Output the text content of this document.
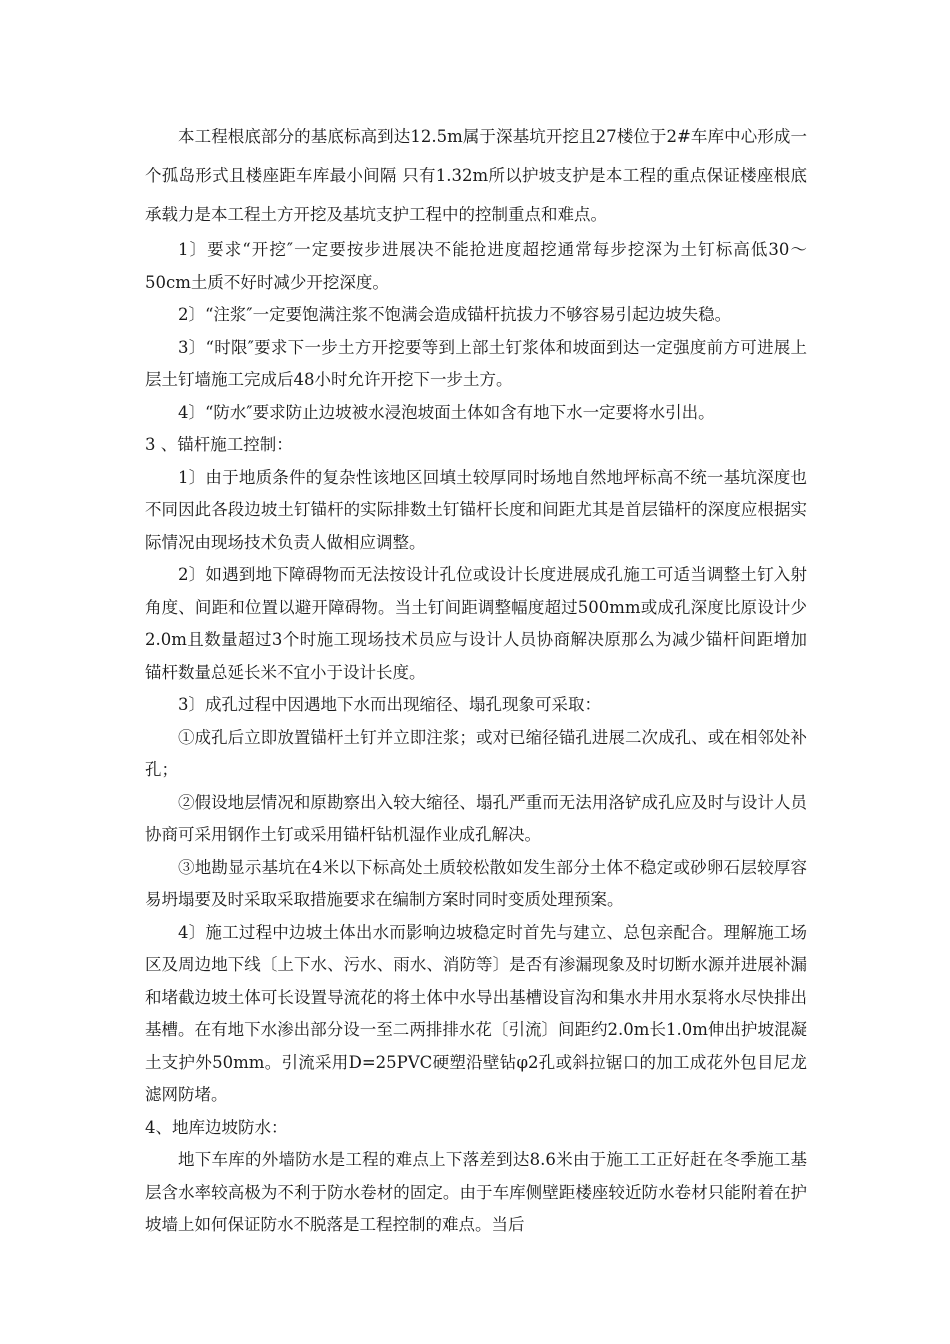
本工程根底部分的基底标高到达12.5m属于深基坑开挖且27楼位于2#车库中心形成一个孤岛形式且楼座距车库最小间隔 只有1.32m所以护坡支护是本工程的重点保证楼座根底承载力是本工程土方开挖及基坑支护工程中的控制重点和难点。

1〕要求“开挖″一定要按步进展决不能抢进度超挖通常每步挖深为土钉标高低30～50cm土质不好时减少开挖深度。

2〕“注浆″一定要饱满注浆不饱满会造成锚杆抗拔力不够容易引起边坡失稳。

3〕“时限″要求下一步土方开挖要等到上部土钉浆体和坡面到达一定强度前方可进展上层土钉墙施工完成后48小时允许开挖下一步土方。

4〕“防水″要求防止边坡被水浸泡坡面土体如含有地下水一定要将水引出。

3 、锚杆施工控制：

1〕由于地质条件的复杂性该地区回填土较厚同时场地自然地坪标高不统一基坑深度也不同因此各段边坡土钉锚杆的实际排数土钉锚杆长度和间距尤其是首层锚杆的深度应根据实际情况由现场技术负责人做相应调整。

2〕如遇到地下障碍物而无法按设计孔位或设计长度进展成孔施工可适当调整土钉入射角度、间距和位置以避开障碍物。当土钉间距调整幅度超过500mm或成孔深度比原设计少2.0m且数量超过3个时施工现场技术员应与设计人员协商解决原那么为减少锚杆间距增加锚杆数量总延长米不宜小于设计长度。

3〕成孔过程中因遇地下水而出现缩径、塌孔现象可采取：

①成孔后立即放置锚杆土钉并立即注浆；或对已缩径锚孔进展二次成孔、或在相邻处补孔；

②假设地层情况和原勘察出入较大缩径、塌孔严重而无法用洛铲成孔应及时与设计人员协商可采用钢作土钉或采用锚杆钻机湿作业成孔解决。

③地勘显示基坑在4米以下标高处土质较松散如发生部分土体不稳定或砂卵石层较厚容易坍塌要及时采取采取措施要求在编制方案时同时变质处理预案。

4〕施工过程中边坡土体出水而影响边坡稳定时首先与建立、总包亲配合。理解施工场区及周边地下线〔上下水、污水、雨水、消防等〕是否有渗漏现象及时切断水源并进展补漏和堵截边坡土体可长设置导流花的将土体中水导出基槽设盲沟和集水井用水泵将水尽快排出基槽。在有地下水渗出部分设一至二两排排水花〔引流〕间距约2.0m长1.0m伸出护坡混凝土支护外50mm。引流采用D=25PVC硬塑沿壁钻φ2孔或斜拉锯口的加工成花外包目尼龙滤网防堵。

4、地库边坡防水：

地下车库的外墙防水是工程的难点上下落差到达8.6米由于施工工正好赶在冬季施工基层含水率较高极为不利于防水卷材的固定。由于车库侧壁距楼座较近防水卷材只能附着在护坡墙上如何保证防水不脱落是工程控制的难点。当后
